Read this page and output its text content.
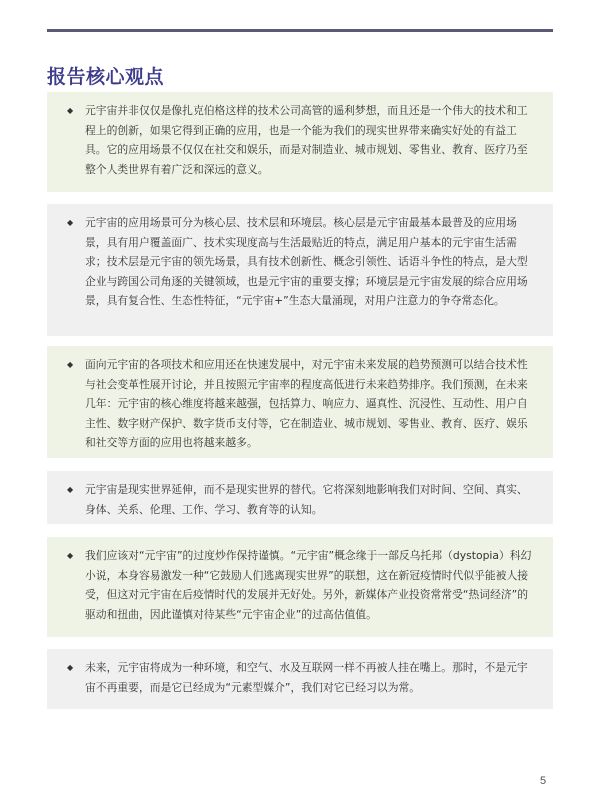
报告核心观点
◆ 元宇宙并非仅仅是像扎克伯格这样的技术公司高管的遥利梦想，而且还是一个伟大的技术和工程上的创新，如果它得到正确的应用，也是一个能为我们的现实世界带来确实好处的有益工具。它的应用场景不仅仅在社交和娱乐，而是对制造业、城市规划、零售业、教育、医疗乃至整个人类世界有着广泛和深远的意义。

◆ 元宇宙的应用场景可分为核心层、技术层和环境层。核心层是元宇宙最基本最普及的应用场景，具有用户覆盖面广、技术实现度高与生活最贴近的特点，满足用户基本的元宇宙生活需求；技术层是元宇宙的领先场景，具有技术创新性、概念引领性、话语斗争性的特点，是大型企业与跨国公司角逐的关键领域，也是元宇宙的重要支撑；环境层是元宇宙发展的综合应用场景，具有复合性、生态性特征，“元宇宙+”生态大量涌现，对用户注意力的争夺常态化。

◆ 面向元宇宙的各项技术和应用还在快速发展中，对元宇宙未来发展的趋势预测可以结合技术性与社会变革性展开讨论，并且按照元宇宙率的程度高低进行未来趋势排序。我们预测，在未来几年：元宇宙的核心维度将越来越强，包括算力、响应力、逼真性、沉浸性、互动性、用户自主性、数字财产保护、数字货币支付等，它在制造业、城市规划、零售业、教育、医疗、娱乐和社交等方面的应用也将越来越多。

◆ 元宇宙是现实世界延伸，而不是现实世界的替代。它将深刻地影响我们对时间、空间、真实、身体、关系、伦理、工作、学习、教育等的认知。

◆ 我们应该对“元宇宙”的过度炒作保持谨慎。“元宇宙”概念缘于一部反乌托邦（dystopia）科幻小说，本身容易激发一种“它鼓励人们逃离现实世界”的联想，这在新冠疫情时代似乎能被人接受，但这对元宇宙在后疫情时代的发展并无好处。另外，新媒体产业投资常常受“热词经济”的驱动和扭曲，因此谨慎对待某些“元宇宙企业”的过高估值值。

◆ 未来，元宇宙将成为一种环境，和空气、水及互联网一样不再被人挂在嘴上。那时，不是元宇宙不再重要，而是它已经成为“元素型媒介”，我们对它已经习以为常。

5
